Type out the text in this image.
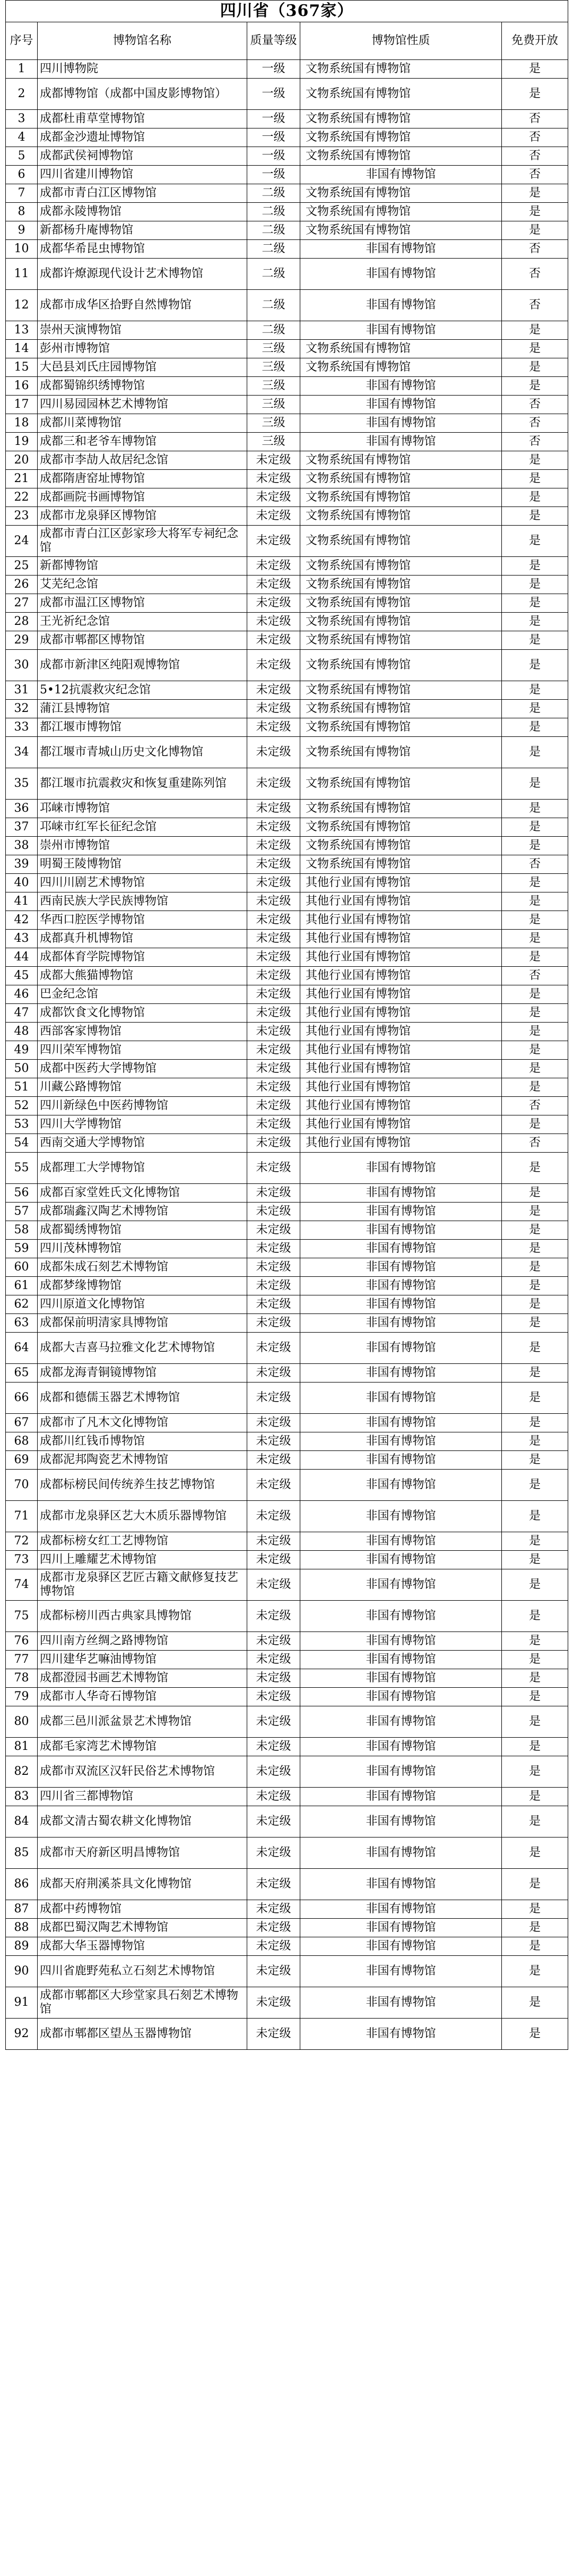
四川省（367家）				
序号	博物馆名称	质量等级	博物馆性质	免费开放
1	四川博物院	一级	文物系统国有博物馆	是
2	成都博物馆（成都中国皮影博物馆）	一级	文物系统国有博物馆	是
3	成都杜甫草堂博物馆	一级	文物系统国有博物馆	否
4	成都金沙遗址博物馆	一级	文物系统国有博物馆	否
5	成都武侯祠博物馆	一级	文物系统国有博物馆	否
6	四川省建川博物馆	一级	非国有博物馆	否
7	成都市青白江区博物馆	二级	文物系统国有博物馆	是
8	成都永陵博物馆	二级	文物系统国有博物馆	是
9	新都杨升庵博物馆	二级	文物系统国有博物馆	是
10	成都华希昆虫博物馆	二级	非国有博物馆	否
11	成都许燎源现代设计艺术博物馆	二级	非国有博物馆	否
12	成都市成华区拾野自然博物馆	二级	非国有博物馆	否
13	崇州天演博物馆	二级	非国有博物馆	是
14	彭州市博物馆	三级	文物系统国有博物馆	是
15	大邑县刘氏庄园博物馆	三级	文物系统国有博物馆	是
16	成都蜀锦织绣博物馆	三级	非国有博物馆	是
17	四川易园园林艺术博物馆	三级	非国有博物馆	否
18	成都川菜博物馆	三级	非国有博物馆	否
19	成都三和老爷车博物馆	三级	非国有博物馆	否
20	成都市李劼人故居纪念馆	未定级	文物系统国有博物馆	是
21	成都隋唐窑址博物馆	未定级	文物系统国有博物馆	是
22	成都画院书画博物馆	未定级	文物系统国有博物馆	是
23	成都市龙泉驿区博物馆	未定级	文物系统国有博物馆	是
24	成都市青白江区彭家珍大将军专祠纪念馆	未定级	文物系统国有博物馆	是
25	新都博物馆	未定级	文物系统国有博物馆	是
26	艾芜纪念馆	未定级	文物系统国有博物馆	是
27	成都市温江区博物馆	未定级	文物系统国有博物馆	是
28	王光祈纪念馆	未定级	文物系统国有博物馆	是
29	成都市郫都区博物馆	未定级	文物系统国有博物馆	是
30	成都市新津区纯阳观博物馆	未定级	文物系统国有博物馆	是
31	5•12抗震救灾纪念馆	未定级	文物系统国有博物馆	是
32	蒲江县博物馆	未定级	文物系统国有博物馆	是
33	都江堰市博物馆	未定级	文物系统国有博物馆	是
34	都江堰市青城山历史文化博物馆	未定级	文物系统国有博物馆	是
35	都江堰市抗震救灾和恢复重建陈列馆	未定级	文物系统国有博物馆	是
36	邛崃市博物馆	未定级	文物系统国有博物馆	是
37	邛崃市红军长征纪念馆	未定级	文物系统国有博物馆	是
38	崇州市博物馆	未定级	文物系统国有博物馆	是
39	明蜀王陵博物馆	未定级	文物系统国有博物馆	否
40	四川川剧艺术博物馆	未定级	其他行业国有博物馆	是
41	西南民族大学民族博物馆	未定级	其他行业国有博物馆	是
42	华西口腔医学博物馆	未定级	其他行业国有博物馆	是
43	成都真升机博物馆	未定级	其他行业国有博物馆	是
44	成都体育学院博物馆	未定级	其他行业国有博物馆	是
45	成都大熊猫博物馆	未定级	其他行业国有博物馆	否
46	巴金纪念馆	未定级	其他行业国有博物馆	是
47	成都饮食文化博物馆	未定级	其他行业国有博物馆	是
48	西部客家博物馆	未定级	其他行业国有博物馆	是
49	四川荣军博物馆	未定级	其他行业国有博物馆	是
50	成都中医药大学博物馆	未定级	其他行业国有博物馆	是
51	川藏公路博物馆	未定级	其他行业国有博物馆	是
52	四川新绿色中医药博物馆	未定级	其他行业国有博物馆	否
53	四川大学博物馆	未定级	其他行业国有博物馆	是
54	西南交通大学博物馆	未定级	其他行业国有博物馆	否
55	成都理工大学博物馆	未定级	非国有博物馆	是
56	成都百家堂姓氏文化博物馆	未定级	非国有博物馆	是
57	成都瑞鑫汉陶艺术博物馆	未定级	非国有博物馆	是
58	成都蜀绣博物馆	未定级	非国有博物馆	是
59	四川茂林博物馆	未定级	非国有博物馆	是
60	成都朱成石刻艺术博物馆	未定级	非国有博物馆	是
61	成都梦缘博物馆	未定级	非国有博物馆	是
62	四川原道文化博物馆	未定级	非国有博物馆	是
63	成都保前明清家具博物馆	未定级	非国有博物馆	是
64	成都大吉喜马拉雅文化艺术博物馆	未定级	非国有博物馆	是
65	成都龙海青铜镜博物馆	未定级	非国有博物馆	是
66	成都和德儒玉器艺术博物馆	未定级	非国有博物馆	是
67	成都市了凡木文化博物馆	未定级	非国有博物馆	是
68	成都川红钱币博物馆	未定级	非国有博物馆	是
69	成都泥邦陶瓷艺术博物馆	未定级	非国有博物馆	是
70	成都标榜民间传统养生技艺博物馆	未定级	非国有博物馆	是
71	成都市龙泉驿区艺大木质乐器博物馆	未定级	非国有博物馆	是
72	成都标榜女红工艺博物馆	未定级	非国有博物馆	是
73	四川上雕耀艺术博物馆	未定级	非国有博物馆	是
74	成都市龙泉驿区艺匠古籍文献修复技艺博物馆	未定级	非国有博物馆	是
75	成都标榜川西古典家具博物馆	未定级	非国有博物馆	是
76	四川南方丝绸之路博物馆	未定级	非国有博物馆	是
77	四川建华艺嘛油博物馆	未定级	非国有博物馆	是
78	成都澄园书画艺术博物馆	未定级	非国有博物馆	是
79	成都市人华奇石博物馆	未定级	非国有博物馆	是
80	成都三邑川派盆景艺术博物馆	未定级	非国有博物馆	是
81	成都毛家湾艺术博物馆	未定级	非国有博物馆	是
82	成都市双流区汉轩民俗艺术博物馆	未定级	非国有博物馆	是
83	四川省三都博物馆	未定级	非国有博物馆	是
84	成都文清古蜀农耕文化博物馆	未定级	非国有博物馆	是
85	成都市天府新区明昌博物馆	未定级	非国有博物馆	是
86	成都天府荆溪茶具文化博物馆	未定级	非国有博物馆	是
87	成都中药博物馆	未定级	非国有博物馆	是
88	成都巴蜀汉陶艺术博物馆	未定级	非国有博物馆	是
89	成都大华玉器博物馆	未定级	非国有博物馆	是
90	四川省鹿野苑私立石刻艺术博物馆	未定级	非国有博物馆	是
91	成都市郫都区大珍堂家具石刻艺术博物馆	未定级	非国有博物馆	是
92	成都市郫都区望丛玉器博物馆	未定级	非国有博物馆	是
